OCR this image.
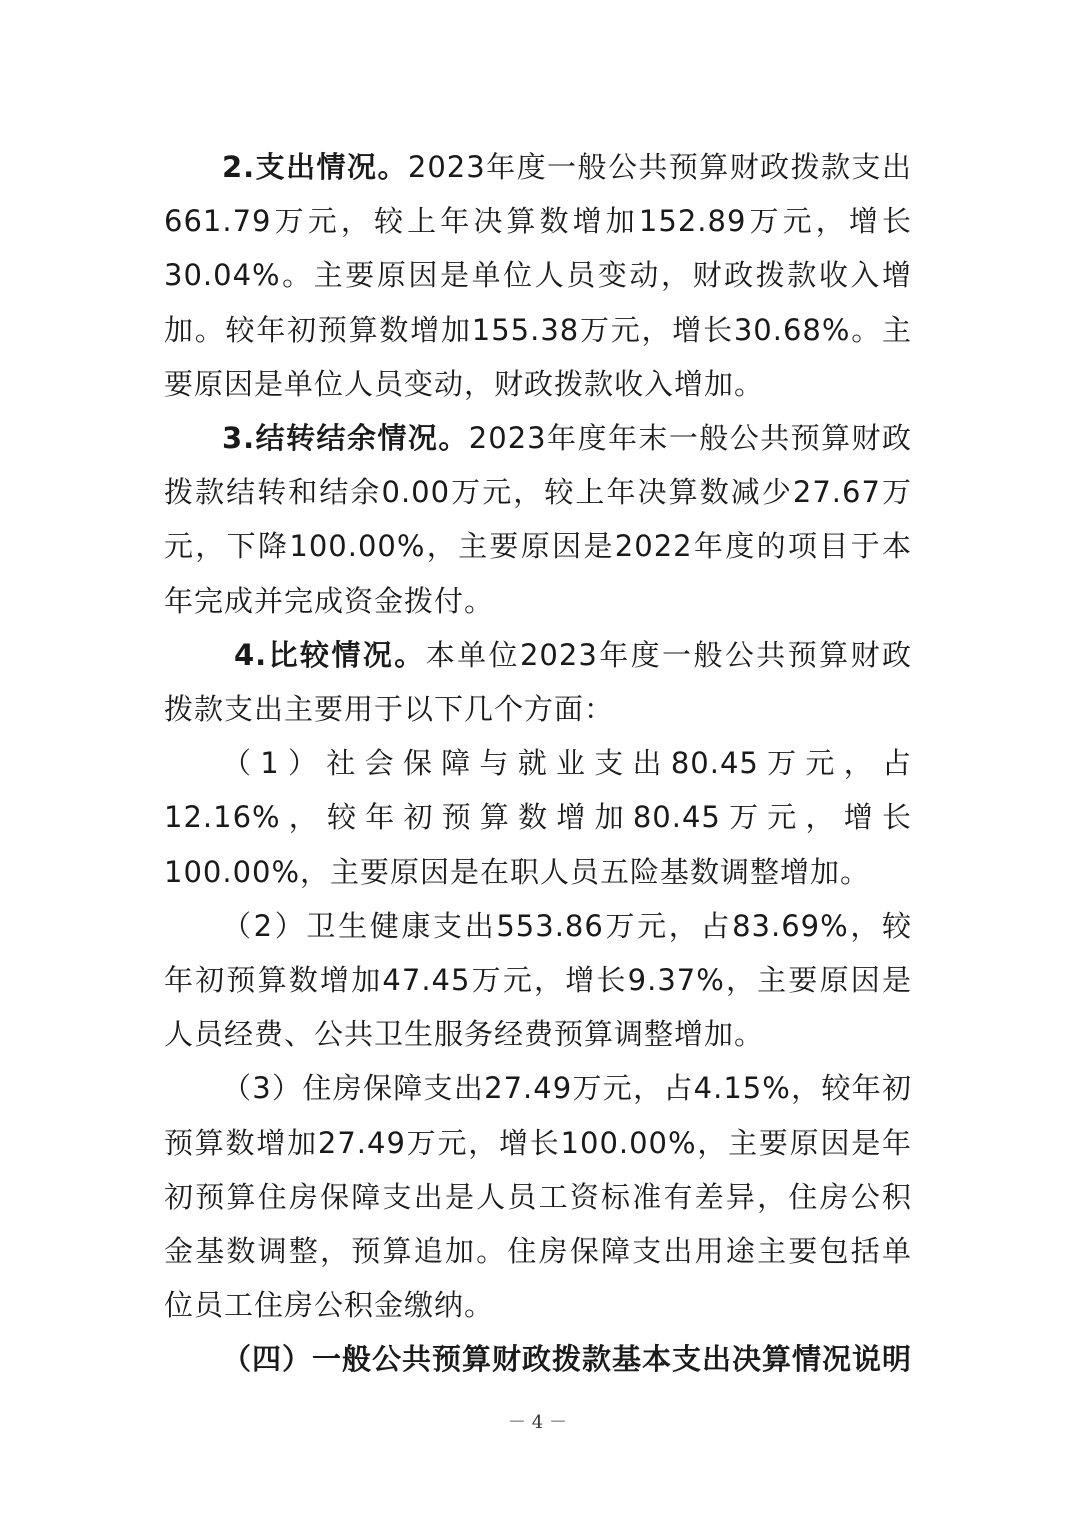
2.支出情况。2023年度一般公共预算财政拨款支出661.79万元，较上年决算数增加152.89万元，增长30.04%。主要原因是单位人员变动，财政拨款收入增加。较年初预算数增加155.38万元，增长30.68%。主要原因是单位人员变动，财政拨款收入增加。

3.结转结余情况。2023年度年末一般公共预算财政拨款结转和结余0.00万元，较上年决算数减少27.67万元，下降100.00%，主要原因是2022年度的项目于本年完成并完成资金拨付。

4.比较情况。本单位2023年度一般公共预算财政拨款支出主要用于以下几个方面：

（1）社会保障与就业支出80.45万元，占12.16%，较年初预算数增加80.45万元，增长100.00%，主要原因是在职人员五险基数调整增加。

（2）卫生健康支出553.86万元，占83.69%，较年初预算数增加47.45万元，增长9.37%，主要原因是人员经费、公共卫生服务经费预算调整增加。

（3）住房保障支出27.49万元，占4.15%，较年初预算数增加27.49万元，增长100.00%，主要原因是年初预算住房保障支出是人员工资标准有差异，住房公积金基数调整，预算追加。住房保障支出用途主要包括单位员工住房公积金缴纳。

（四）一般公共预算财政拨款基本支出决算情况说明

－ 4 －
